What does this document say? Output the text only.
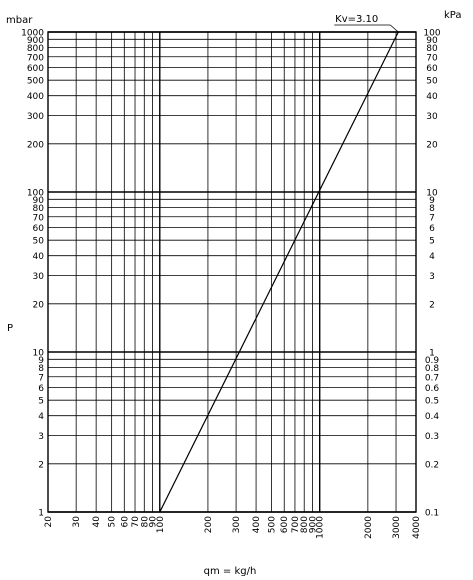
1
2
3
4
5
6
7
8
9
10
20
30
40
50
60
70
80
90
100
200
300
400
500
600
700
800
900
1000
0.1
0.2
0.3
0.4
0.5
0.6
0.7
0.8
0.9
1
2
3
4
5
6
7
8
9
10
20
30
40
50
60
70
80
90
100
20 30 40 50 60 70 80
90
100	200 300 400 500 600 700 800
900
1000	2000 3000 4000
Kv=3.10
mbar	kPa
P
qm = kg/h
